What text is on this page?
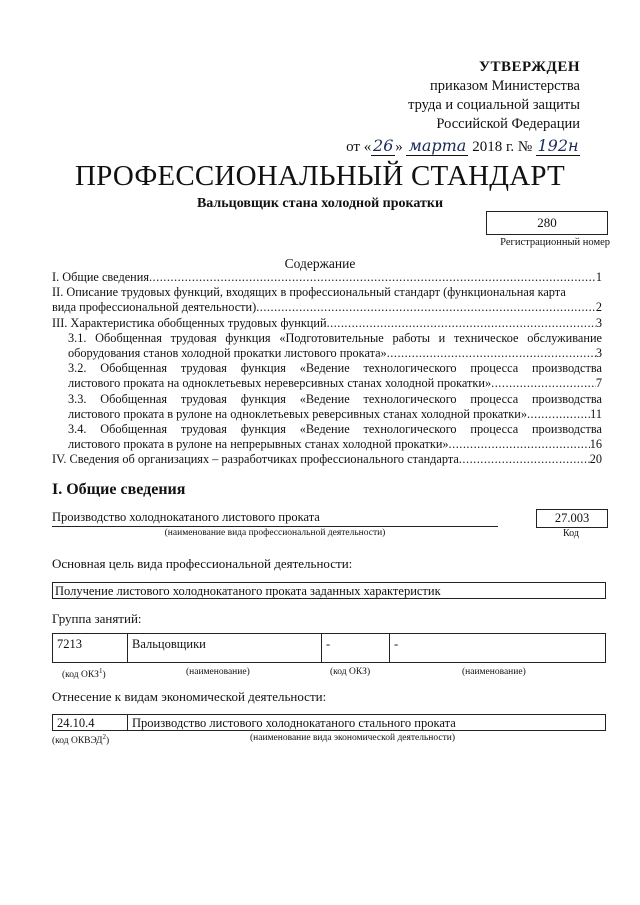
УТВЕРЖДЕН
приказом Министерства
труда и социальной защиты
Российской Федерации
от « 26 » марта 2018 г. № 192н
ПРОФЕССИОНАЛЬНЫЙ СТАНДАРТ
Вальцовщик стана холодной прокатки
280
Регистрационный номер
Содержание
I. Общие сведения .....	1
II. Описание трудовых функций, входящих в профессиональный стандарт (функциональная карта
вида профессиональной деятельности) .....	2
III. Характеристика обобщенных трудовых функций .....	3
3.1. Обобщенная трудовая функция «Подготовительные работы и техническое обслуживание
оборудования станов холодной прокатки листового проката» .....	3
3.2. Обобщенная трудовая функция «Ведение технологического процесса производства
листового проката на одноклетьевых нереверсивных станах холодной прокатки» .....	7
3.3. Обобщенная трудовая функция «Ведение технологического процесса производства
листового проката в рулоне на одноклетьевых реверсивных станах холодной прокатки» .....	11
3.4. Обобщенная трудовая функция «Ведение технологического процесса производства
листового проката в рулоне на непрерывных станах холодной прокатки» .....	16
IV. Сведения об организациях – разработчиках профессионального стандарта .....	20
I. Общие сведения
Производство холоднокатаного листового проката
(наименование вида профессиональной деятельности)
27.003
Код
Основная цель вида профессиональной деятельности:
Получение листового холоднокатаного проката заданных характеристик
Группа занятий:
7213	Вальцовщики	-	-
(код ОКЗ$^1$)	(наименование)	(код ОКЗ)	(наименование)
Отнесение к видам экономической деятельности:
24.10.4	Производство листового холоднокатаного стального проката
(код ОКВЭД$^2$)	(наименование вида экономической деятельности)
